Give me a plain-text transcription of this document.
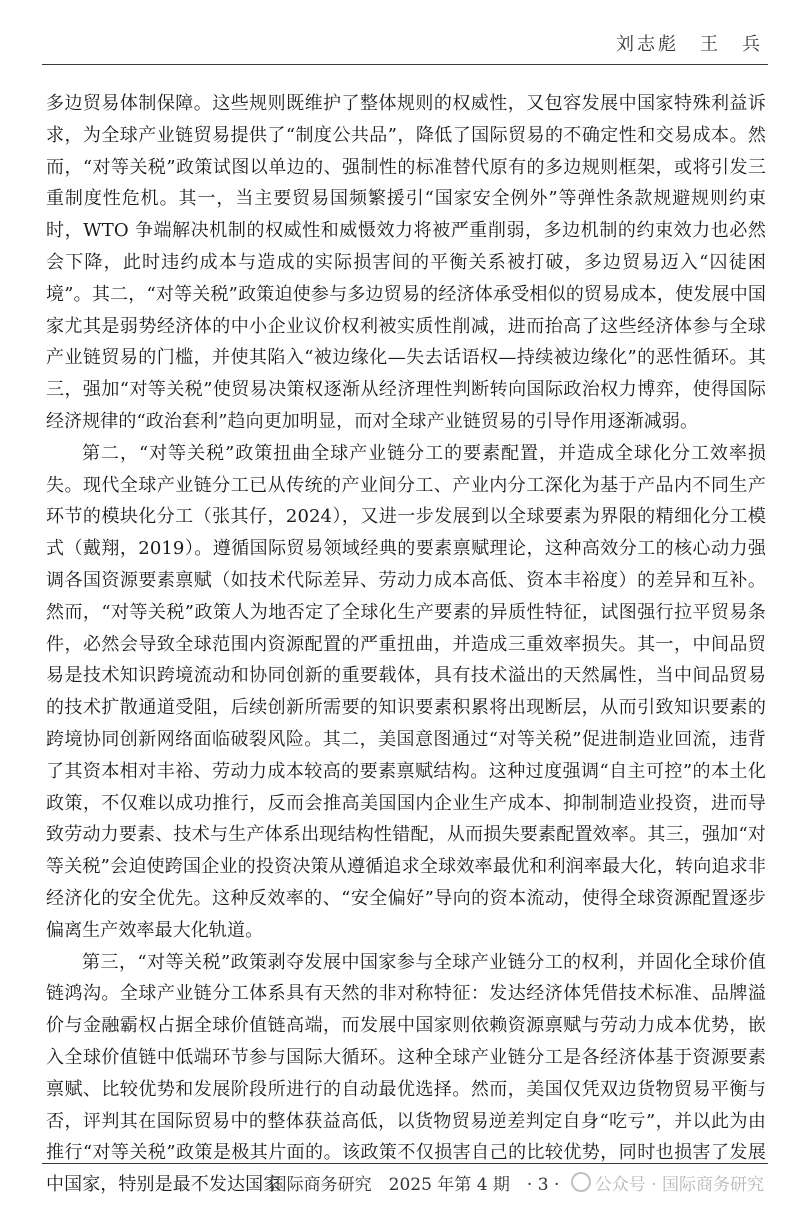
刘志彪　王　兵

多边贸易体制保障。这些规则既维护了整体规则的权威性，又包容发展中国家特殊利益诉求，为全球产业链贸易提供了“制度公共品”，降低了国际贸易的不确定性和交易成本。然而，“对等关税”政策试图以单边的、强制性的标准替代原有的多边规则框架，或将引发三重制度性危机。其一，当主要贸易国频繁援引“国家安全例外”等弹性条款规避规则约束时，WTO 争端解决机制的权威性和威慑效力将被严重削弱，多边机制的约束效力也必然会下降，此时违约成本与造成的实际损害间的平衡关系被打破，多边贸易迈入“囚徒困境”。其二，“对等关税”政策迫使参与多边贸易的经济体承受相似的贸易成本，使发展中国家尤其是弱势经济体的中小企业议价权利被实质性削减，进而抬高了这些经济体参与全球产业链贸易的门槛，并使其陷入“被边缘化—失去话语权—持续被边缘化”的恶性循环。其三，强加“对等关税”使贸易决策权逐渐从经济理性判断转向国际政治权力博弈，使得国际经济规律的“政治套利”趋向更加明显，而对全球产业链贸易的引导作用逐渐减弱。

第二，“对等关税”政策扭曲全球产业链分工的要素配置，并造成全球化分工效率损失。现代全球产业链分工已从传统的产业间分工、产业内分工深化为基于产品内不同生产环节的模块化分工（张其仔，2024），又进一步发展到以全球要素为界限的精细化分工模式（戴翔，2019）。遵循国际贸易领域经典的要素禀赋理论，这种高效分工的核心动力强调各国资源要素禀赋（如技术代际差异、劳动力成本高低、资本丰裕度）的差异和互补。然而，“对等关税”政策人为地否定了全球化生产要素的异质性特征，试图强行拉平贸易条件，必然会导致全球范围内资源配置的严重扭曲，并造成三重效率损失。其一，中间品贸易是技术知识跨境流动和协同创新的重要载体，具有技术溢出的天然属性，当中间品贸易的技术扩散通道受阻，后续创新所需要的知识要素积累将出现断层，从而引致知识要素的跨境协同创新网络面临破裂风险。其二，美国意图通过“对等关税”促进制造业回流，违背了其资本相对丰裕、劳动力成本较高的要素禀赋结构。这种过度强调“自主可控”的本土化政策，不仅难以成功推行，反而会推高美国国内企业生产成本、抑制制造业投资，进而导致劳动力要素、技术与生产体系出现结构性错配，从而损失要素配置效率。其三，强加“对等关税”会迫使跨国企业的投资决策从遵循追求全球效率最优和利润率最大化，转向追求非经济化的安全优先。这种反效率的、“安全偏好”导向的资本流动，使得全球资源配置逐步偏离生产效率最大化轨道。

第三，“对等关税”政策剥夺发展中国家参与全球产业链分工的权利，并固化全球价值链鸿沟。全球产业链分工体系具有天然的非对称特征：发达经济体凭借技术标准、品牌溢价与金融霸权占据全球价值链高端，而发展中国家则依赖资源禀赋与劳动力成本优势，嵌入全球价值链中低端环节参与国际大循环。这种全球产业链分工是各经济体基于资源要素禀赋、比较优势和发展阶段所进行的自动最优选择。然而，美国仅凭双边货物贸易平衡与否，评判其在国际贸易中的整体获益高低，以货物贸易逆差判定自身“吃亏”，并以此为由推行“对等关税”政策是极其片面的。该政策不仅损害自己的比较优势，同时也损害了发展中国家，特别是最不发达国家

国际商务研究　2025 年第 4 期　· 3 · 公众号 · 国际商务研究
